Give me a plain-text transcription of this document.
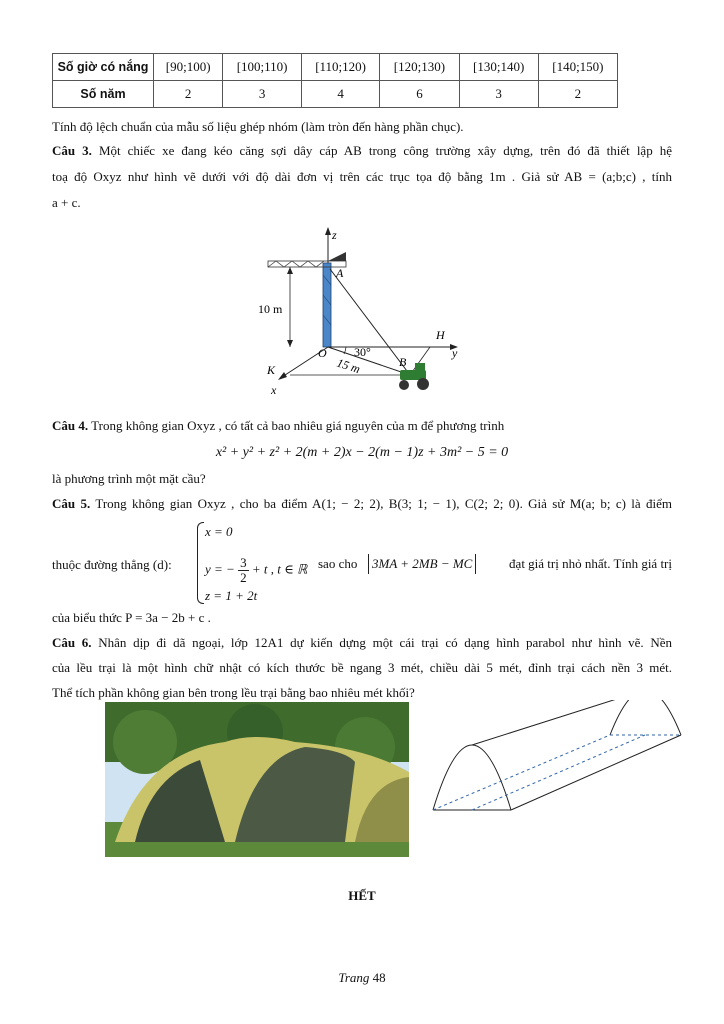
Số giờ có nắng	[90;100)	[100;110)	[110;120)	[120;130)	[130;140)	[140;150)
Số năm	2	3	4	6	3	2
Tính độ lệch chuẩn của mẫu số liệu ghép nhóm (làm tròn đến hàng phần chục).
Câu 3. Một chiếc xe đang kéo căng sợi dây cáp AB trong công trường xây dựng, trên đó đã thiết lập hệ
toạ độ Oxyz như hình vẽ dưới với độ dài đơn vị trên các trục tọa độ bằng 1m . Giả sử AB = (a;b;c) , tính
a + c.
z
A
10 m
H
O 30°
15 m	B
y
K
x
Câu 4. Trong không gian Oxyz , có tất cả bao nhiêu giá nguyên của m để phương trình
x² + y² + z² + 2(m + 2)x − 2(m − 1)z + 3m² − 5 = 0
là phương trình một mặt cầu?
Câu 5. Trong không gian Oxyz , cho ba điểm A(1; − 2; 2), B(3; 1; − 1), C(2; 2; 0). Giả sử M(a; b; c) là điểm
thuộc đường thẳng (d):
x = 0
y = − $\frac{3}{2} + t$ , t ∈ ℝ
z = 1 + 2t
sao cho	3MA + 2MB − MC	đạt giá trị nhỏ nhất. Tính giá trị
của biểu thức P = 3a − 2b + c .
Câu 6. Nhân dịp đi dã ngoại, lớp 12A1 dự kiến dựng một cái trại có dạng hình parabol như hình vẽ. Nền
của lều trại là một hình chữ nhật có kích thước bề ngang 3 mét, chiều dài 5 mét, đỉnh trại cách nền 3 mét.
Thể tích phần không gian bên trong lều trại bằng bao nhiêu mét khối?
HẾT
Trang 48
